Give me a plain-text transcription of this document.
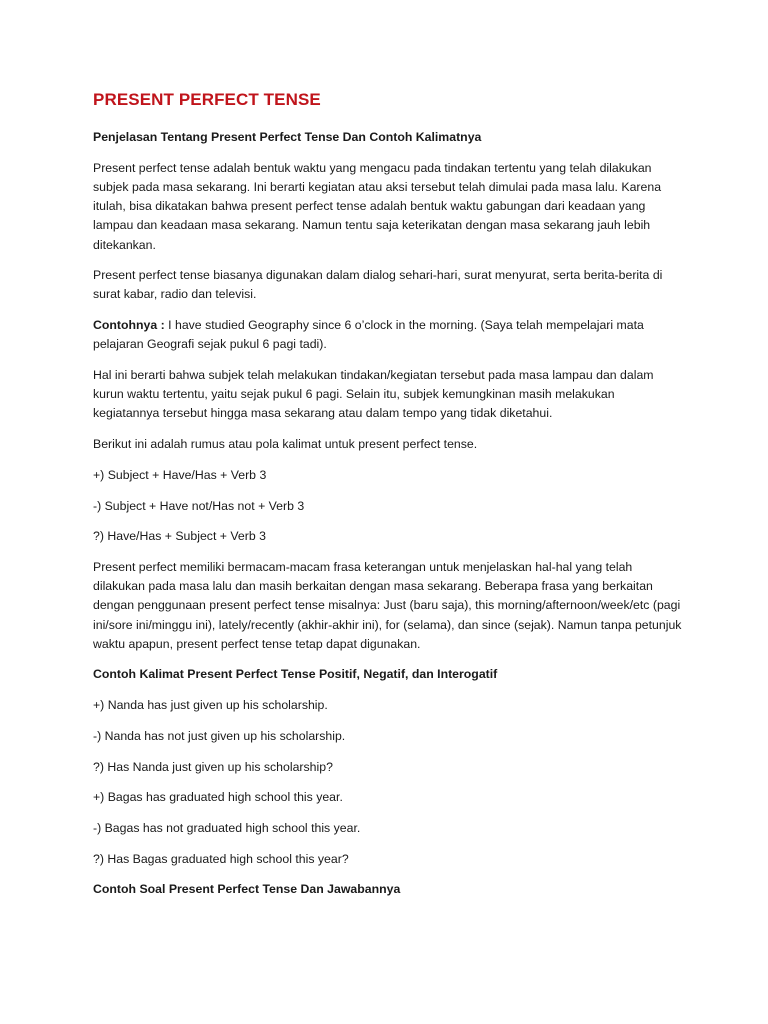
PRESENT PERFECT TENSE

Penjelasan Tentang Present Perfect Tense Dan Contoh Kalimatnya

Present perfect tense adalah bentuk waktu yang mengacu pada tindakan tertentu yang telah dilakukan subjek pada masa sekarang. Ini berarti kegiatan atau aksi tersebut telah dimulai pada masa lalu. Karena itulah, bisa dikatakan bahwa present perfect tense adalah bentuk waktu gabungan dari keadaan yang lampau dan keadaan masa sekarang. Namun tentu saja keterikatan dengan masa sekarang jauh lebih ditekankan.

Present perfect tense biasanya digunakan dalam dialog sehari-hari, surat menyurat, serta berita-berita di surat kabar, radio dan televisi.

Contohnya : I have studied Geography since 6 o’clock in the morning. (Saya telah mempelajari mata pelajaran Geografi sejak pukul 6 pagi tadi).

Hal ini berarti bahwa subjek telah melakukan tindakan/kegiatan tersebut pada masa lampau dan dalam kurun waktu tertentu, yaitu sejak pukul 6 pagi. Selain itu, subjek kemungkinan masih melakukan kegiatannya tersebut hingga masa sekarang atau dalam tempo yang tidak diketahui.

Berikut ini adalah rumus atau pola kalimat untuk present perfect tense.

+) Subject + Have/Has + Verb 3

-) Subject + Have not/Has not + Verb 3

?) Have/Has + Subject + Verb 3

Present perfect memiliki bermacam-macam frasa keterangan untuk menjelaskan hal-hal yang telah dilakukan pada masa lalu dan masih berkaitan dengan masa sekarang. Beberapa frasa yang berkaitan dengan penggunaan present perfect tense misalnya: Just (baru saja), this morning/afternoon/week/etc (pagi ini/sore ini/minggu ini), lately/recently (akhir-akhir ini), for (selama), dan since (sejak). Namun tanpa petunjuk waktu apapun, present perfect tense tetap dapat digunakan.

Contoh Kalimat Present Perfect Tense Positif, Negatif, dan Interogatif

+) Nanda has just given up his scholarship.

-) Nanda has not just given up his scholarship.

?) Has Nanda just given up his scholarship?

+) Bagas has graduated high school this year.

-) Bagas has not graduated high school this year.

?) Has Bagas graduated high school this year?

Contoh Soal Present Perfect Tense Dan Jawabannya
